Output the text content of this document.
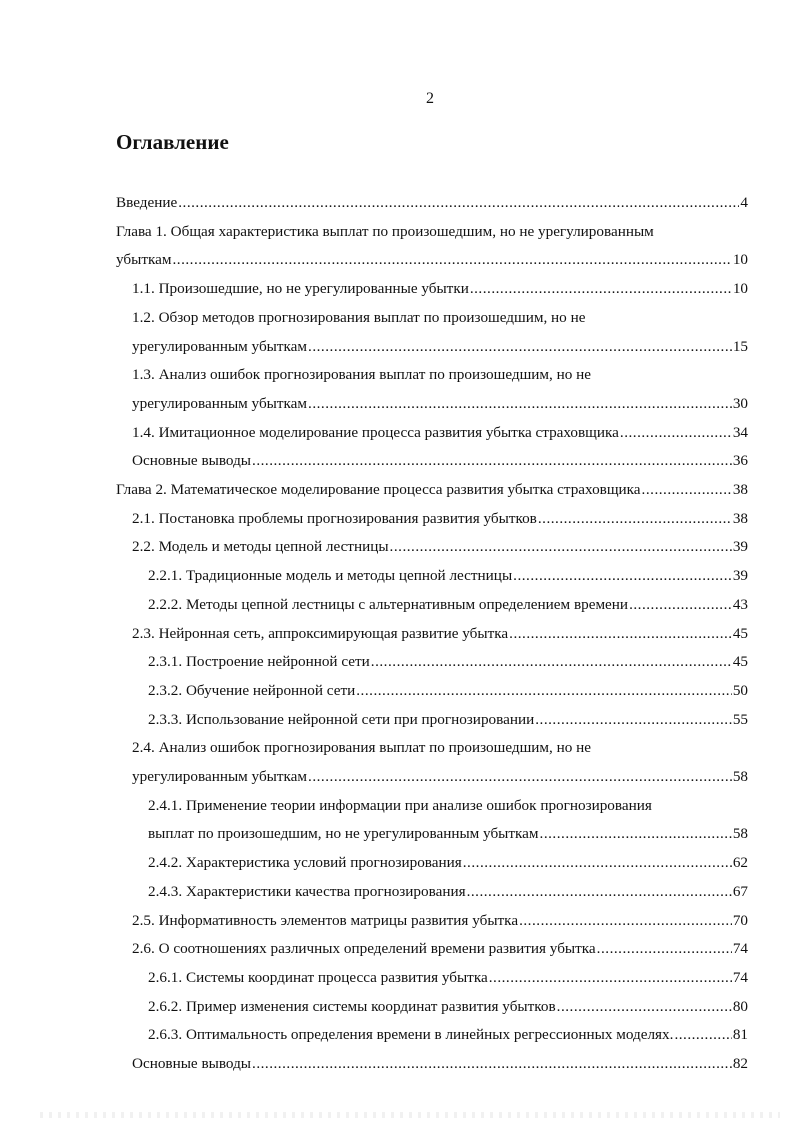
2
Оглавление
Введение .....	4
Глава 1. Общая характеристика выплат по произошедшим, но не урегулированным
убыткам .....	10
1.1. Произошедшие, но не урегулированные убытки .....	10
1.2. Обзор методов прогнозирования выплат по произошедшим, но не
урегулированным убыткам .....	15
1.3. Анализ ошибок прогнозирования выплат по произошедшим, но не
урегулированным убыткам .....	30
1.4. Имитационное моделирование процесса развития убытка страховщика .....	34
Основные выводы .....	36
Глава 2. Математическое моделирование процесса развития убытка страховщика .....	38
2.1. Постановка проблемы прогнозирования развития убытков .....	38
2.2. Модель и методы цепной лестницы .....	39
2.2.1. Традиционные модель и методы цепной лестницы .....	39
2.2.2. Методы цепной лестницы с альтернативным определением времени .....	43
2.3. Нейронная сеть, аппроксимирующая развитие убытка .....	45
2.3.1. Построение нейронной сети .....	45
2.3.2. Обучение нейронной сети .....	50
2.3.3. Использование нейронной сети при прогнозировании .....	55
2.4. Анализ ошибок прогнозирования выплат по произошедшим, но не
урегулированным убыткам .....	58
2.4.1. Применение теории информации при анализе ошибок прогнозирования
выплат по произошедшим, но не урегулированным убыткам .....	58
2.4.2. Характеристика условий прогнозирования .....	62
2.4.3. Характеристики качества прогнозирования .....	67
2.5. Информативность элементов матрицы развития убытка .....	70
2.6. О соотношениях различных определений времени развития убытка .....	74
2.6.1. Системы координат процесса развития убытка .....	74
2.6.2. Пример изменения системы координат развития убытков .....	80
2.6.3. Оптимальность определения времени в линейных регрессионных моделях. .....	81
Основные выводы .....	82
